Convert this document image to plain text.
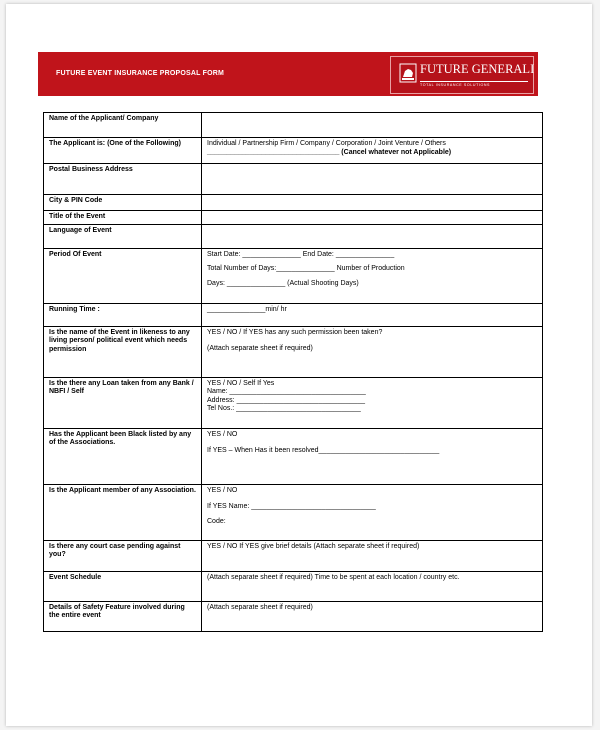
FUTURE EVENT INSURANCE PROPOSAL FORM	FUTURE GENERALI
TOTAL INSURANCE SOLUTIONS
Name of the Applicant/ Company	
The Applicant is: (One of the Following)	Individual / Partnership Firm / Company / Corporation / Joint Venture / Others
__________________________________ (Cancel whatever not Applicable)

Postal Business Address	
City & PIN Code	
Title of the Event	
Language of Event	
Period Of Event	Start Date: _______________ End Date: _______________
Total Number of Days:_______________ Number of Production
Days: _______________ (Actual Shooting Days)

Running Time :	_______________min/ hr

Is the name of the Event in likeness to any living person/ political event which needs permission	YES / NO / If YES has any such permission been taken?
(Attach separate sheet if required)

Is the there any Loan taken from any Bank / NBFI / Self	YES / NO / Self If Yes
Name: ___________________________________
Address: _________________________________
Tel Nos.: ________________________________

Has the Applicant been Black listed by any of the Associations.	YES / NO
If YES – When Has it been resolved_______________________________

Is the Applicant member of any Association.	YES / NO
If YES Name: ________________________________
Code:

Is there any court case pending against you?	YES / NO If YES give brief details (Attach separate sheet if required)

Event Schedule	(Attach separate sheet if required) Time to be spent at each location / country etc.

Details of Safety Feature involved during the entire event	(Attach separate sheet if required)
